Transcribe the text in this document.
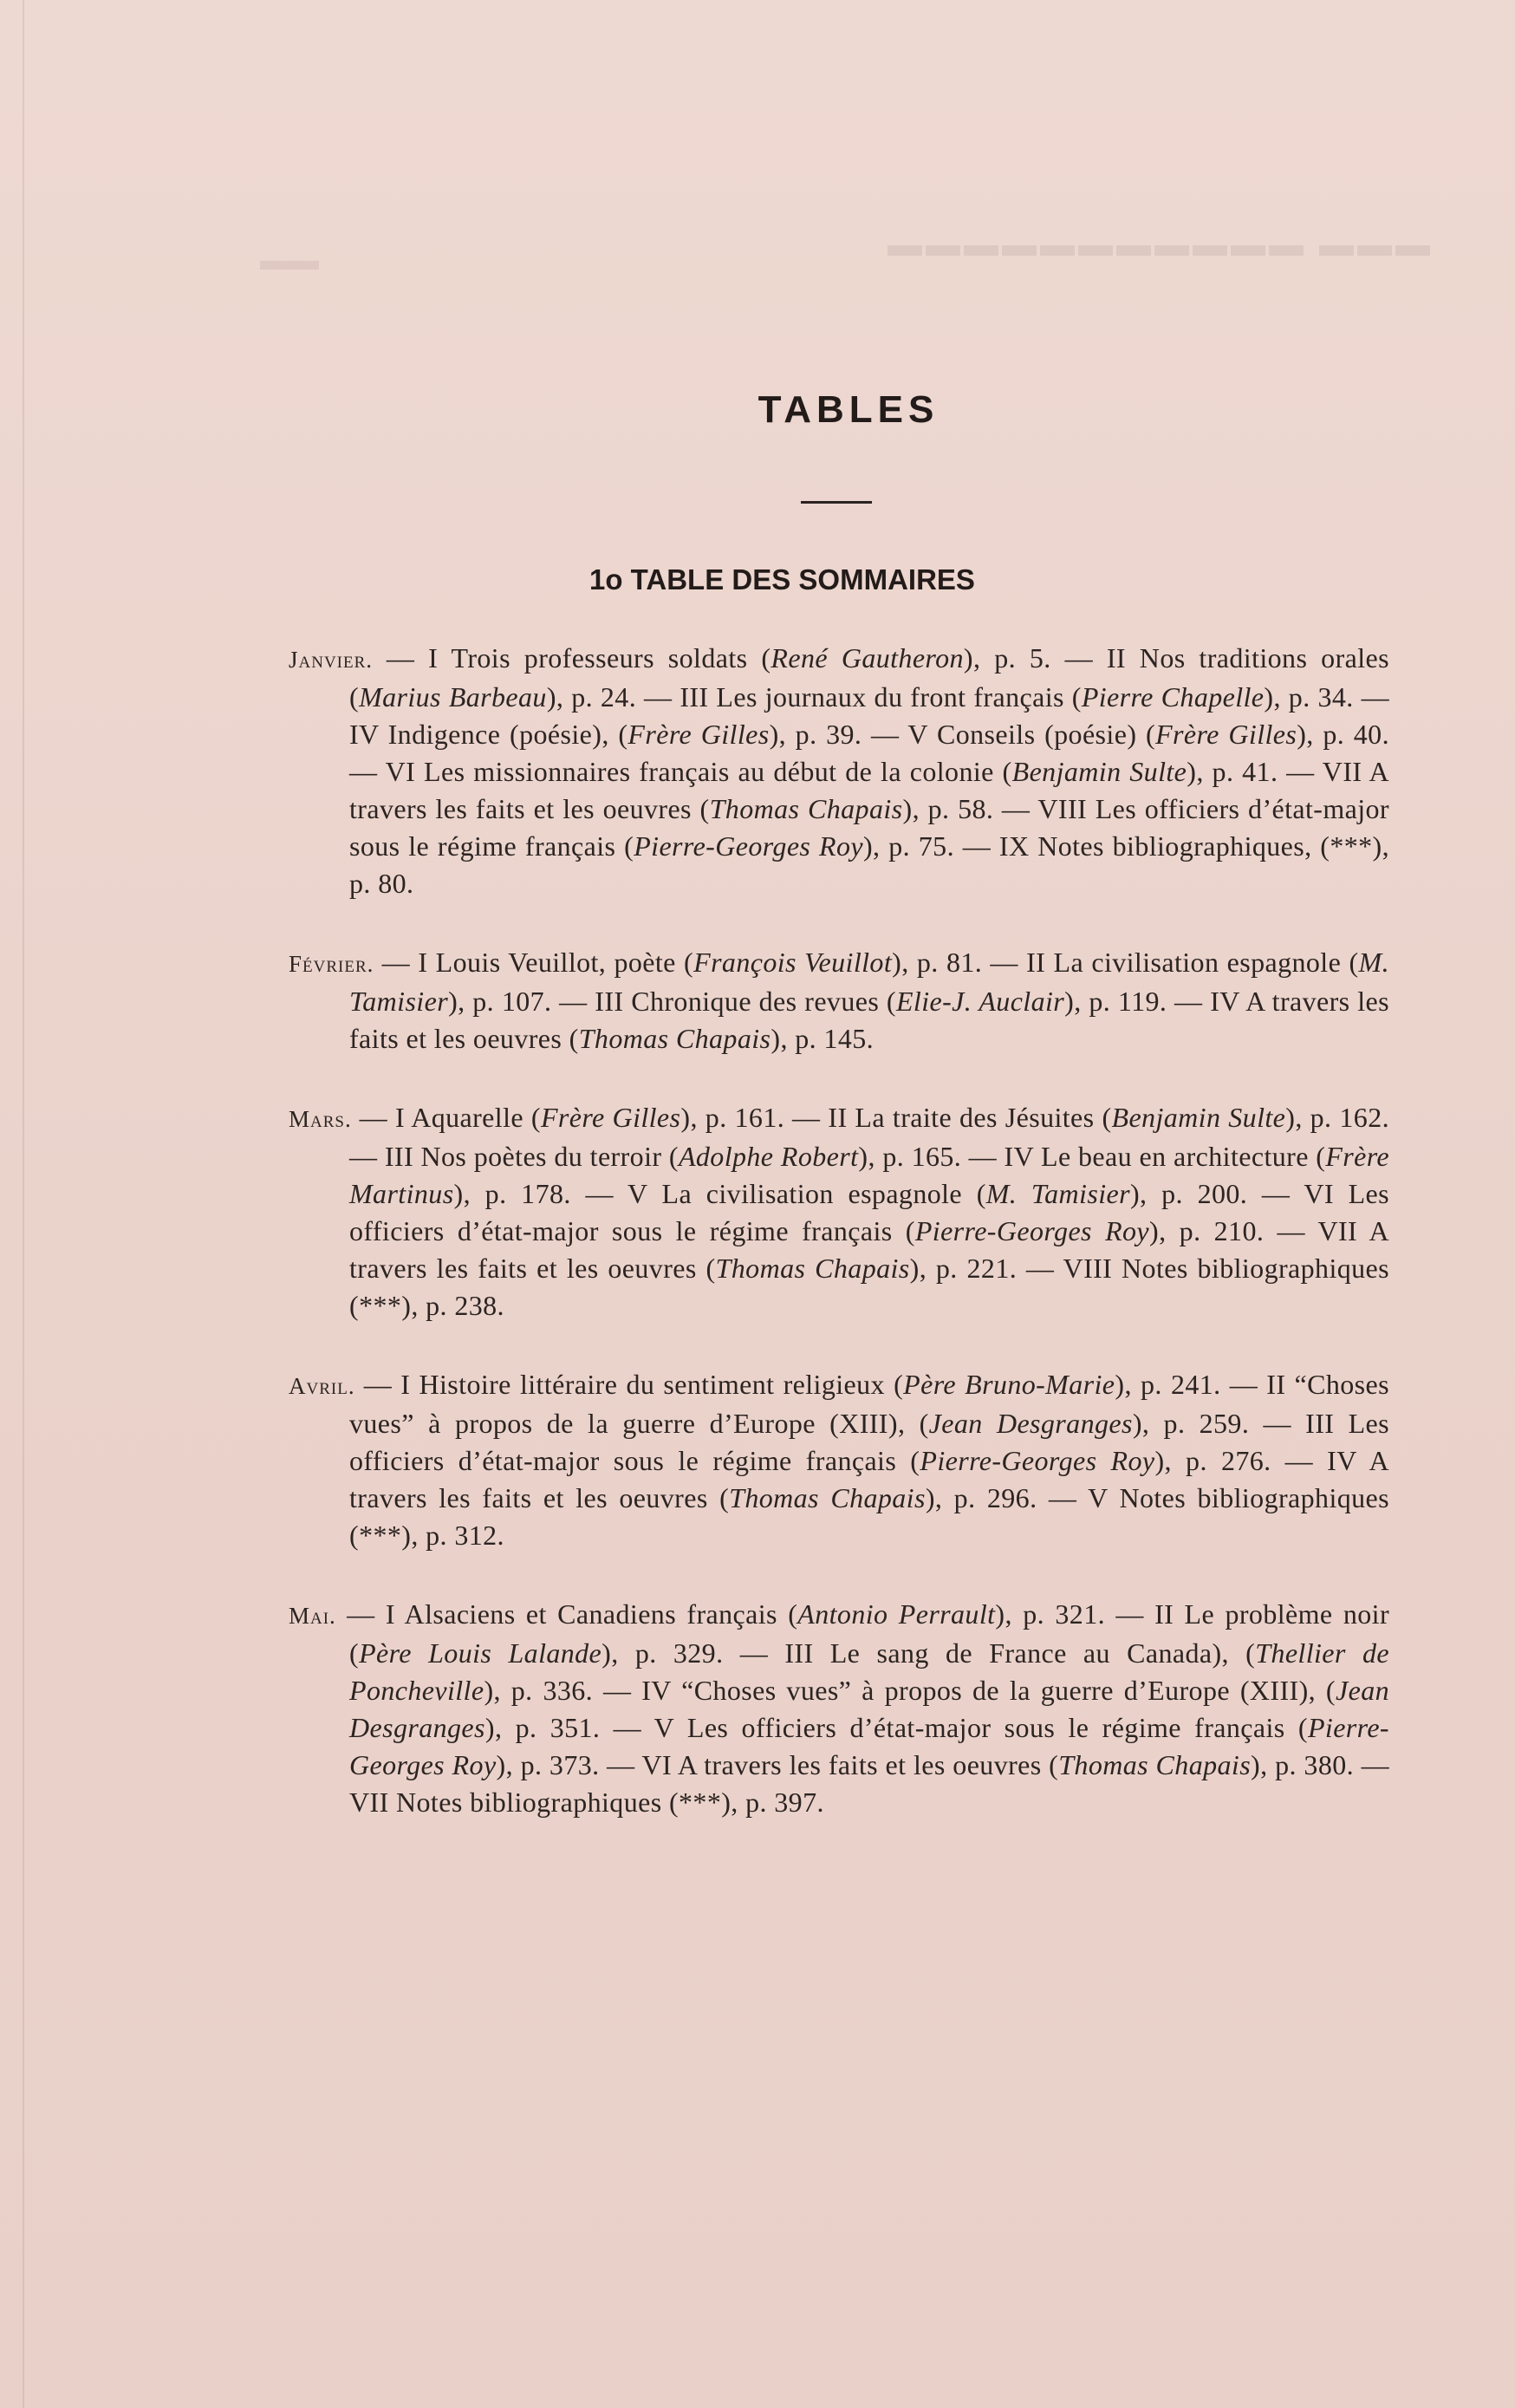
▬▬▬ ▬▬▬▬▬▬▬▬▬▬▬
▬▬
TABLES
1o TABLE DES SOMMAIRES

Janvier. — I Trois professeurs soldats (René Gautheron), p. 5. — II Nos traditions orales (Marius Barbeau), p. 24. — III Les journaux du front français (Pierre Chapelle), p. 34. — IV Indigence (poésie), (Frère Gilles), p. 39. — V Conseils (poésie) (Frère Gilles), p. 40. — VI Les missionnaires français au début de la colonie (Benjamin Sulte), p. 41. — VII A travers les faits et les oeuvres (Thomas Chapais), p. 58. — VIII Les officiers d’état-major sous le régime français (Pierre-Georges Roy), p. 75. — IX Notes bibliographiques, (***), p. 80.

Février. — I Louis Veuillot, poète (François Veuillot), p. 81. — II La civilisation espagnole (M. Tamisier), p. 107. — III Chronique des revues (Elie-J. Auclair), p. 119. — IV A travers les faits et les oeuvres (Thomas Chapais), p. 145.

Mars. — I Aquarelle (Frère Gilles), p. 161. — II La traite des Jésuites (Benjamin Sulte), p. 162. — III Nos poètes du terroir (Adolphe Robert), p. 165. — IV Le beau en architecture (Frère Martinus), p. 178. — V La civilisation espagnole (M. Tamisier), p. 200. — VI Les officiers d’état-major sous le régime français (Pierre-Georges Roy), p. 210. — VII A travers les faits et les oeuvres (Thomas Chapais), p. 221. — VIII Notes bibliographiques (***), p. 238.

Avril. — I Histoire littéraire du sentiment religieux (Père Bruno-Marie), p. 241. — II “Choses vues” à propos de la guerre d’Europe (XIII), (Jean Desgranges), p. 259. — III Les officiers d’état-major sous le régime français (Pierre-Georges Roy), p. 276. — IV A travers les faits et les oeuvres (Thomas Chapais), p. 296. — V Notes bibliographiques (***), p. 312.

Mai. — I Alsaciens et Canadiens français (Antonio Perrault), p. 321. — II Le problème noir (Père Louis Lalande), p. 329. — III Le sang de France au Canada), (Thellier de Poncheville), p. 336. — IV “Choses vues” à propos de la guerre d’Europe (XIII), (Jean Desgranges), p. 351. — V Les officiers d’état-major sous le régime français (Pierre-Georges Roy), p. 373. — VI A travers les faits et les oeuvres (Thomas Chapais), p. 380. — VII Notes bibliographiques (***), p. 397.
